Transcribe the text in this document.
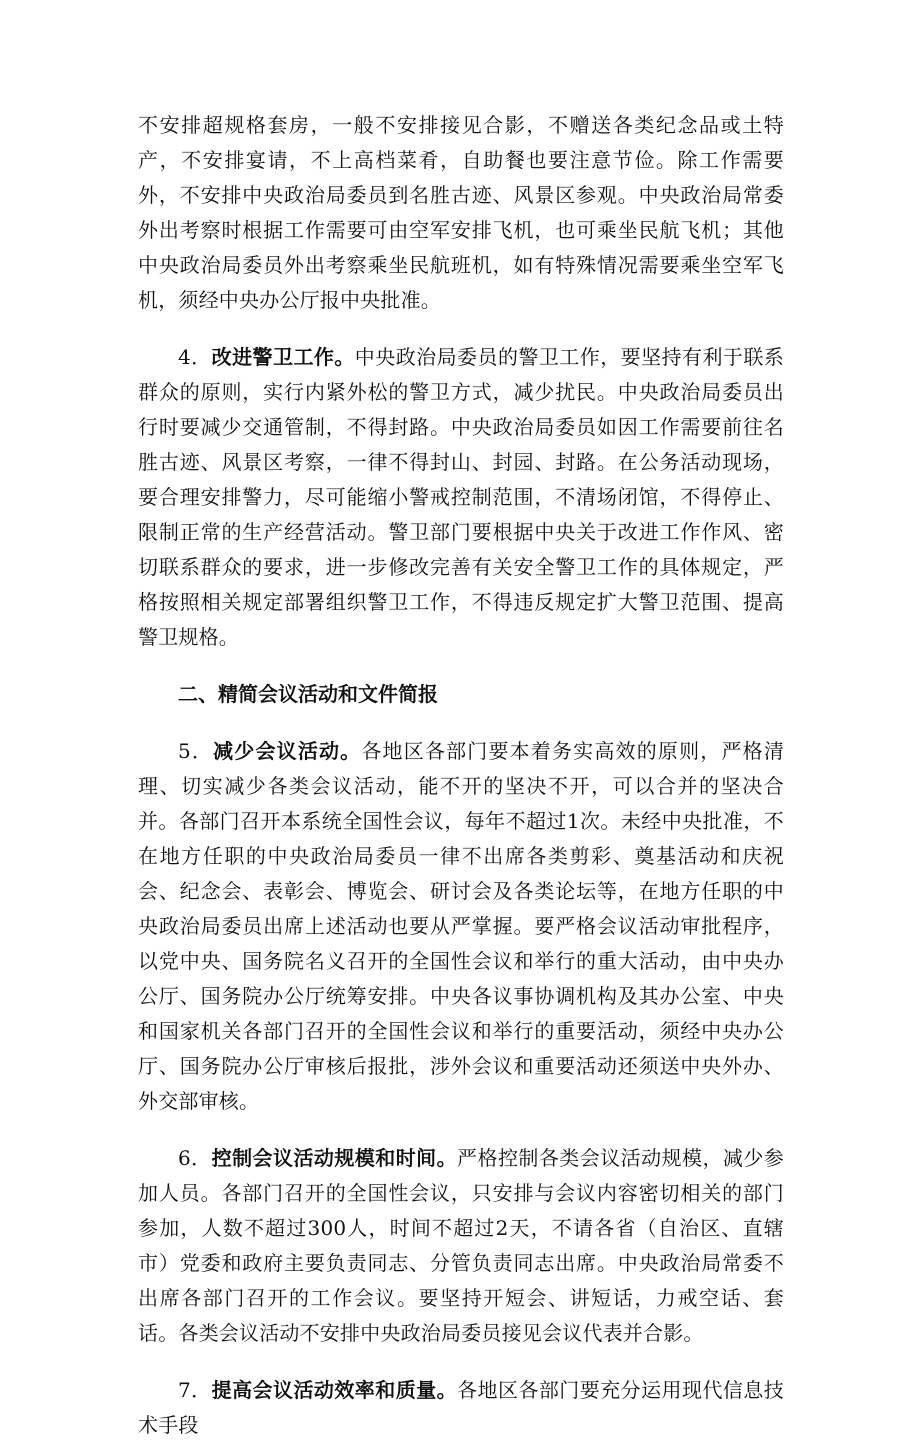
不安排超规格套房，一般不安排接见合影，不赠送各类纪念品或土特产，不安排宴请，不上高档菜肴，自助餐也要注意节俭。除工作需要外，不安排中央政治局委员到名胜古迹、风景区参观。中央政治局常委外出考察时根据工作需要可由空军安排飞机，也可乘坐民航飞机；其他中央政治局委员外出考察乘坐民航班机，如有特殊情况需要乘坐空军飞机，须经中央办公厅报中央批准。

4．改进警卫工作。中央政治局委员的警卫工作，要坚持有利于联系群众的原则，实行内紧外松的警卫方式，减少扰民。中央政治局委员出行时要减少交通管制，不得封路。中央政治局委员如因工作需要前往名胜古迹、风景区考察，一律不得封山、封园、封路。在公务活动现场，要合理安排警力，尽可能缩小警戒控制范围，不清场闭馆，不得停止、限制正常的生产经营活动。警卫部门要根据中央关于改进工作作风、密切联系群众的要求，进一步修改完善有关安全警卫工作的具体规定，严格按照相关规定部署组织警卫工作，不得违反规定扩大警卫范围、提高警卫规格。

二、精简会议活动和文件简报

5．减少会议活动。各地区各部门要本着务实高效的原则，严格清理、切实减少各类会议活动，能不开的坚决不开，可以合并的坚决合并。各部门召开本系统全国性会议，每年不超过1次。未经中央批准，不在地方任职的中央政治局委员一律不出席各类剪彩、奠基活动和庆祝会、纪念会、表彰会、博览会、研讨会及各类论坛等，在地方任职的中央政治局委员出席上述活动也要从严掌握。要严格会议活动审批程序，以党中央、国务院名义召开的全国性会议和举行的重大活动，由中央办公厅、国务院办公厅统筹安排。中央各议事协调机构及其办公室、中央和国家机关各部门召开的全国性会议和举行的重要活动，须经中央办公厅、国务院办公厅审核后报批，涉外会议和重要活动还须送中央外办、外交部审核。

6．控制会议活动规模和时间。严格控制各类会议活动规模，减少参加人员。各部门召开的全国性会议，只安排与会议内容密切相关的部门参加，人数不超过300人，时间不超过2天，不请各省（自治区、直辖市）党委和政府主要负责同志、分管负责同志出席。中央政治局常委不出席各部门召开的工作会议。要坚持开短会、讲短话，力戒空话、套话。各类会议活动不安排中央政治局委员接见会议代表并合影。

7．提高会议活动效率和质量。各地区各部门要充分运用现代信息技术手段
